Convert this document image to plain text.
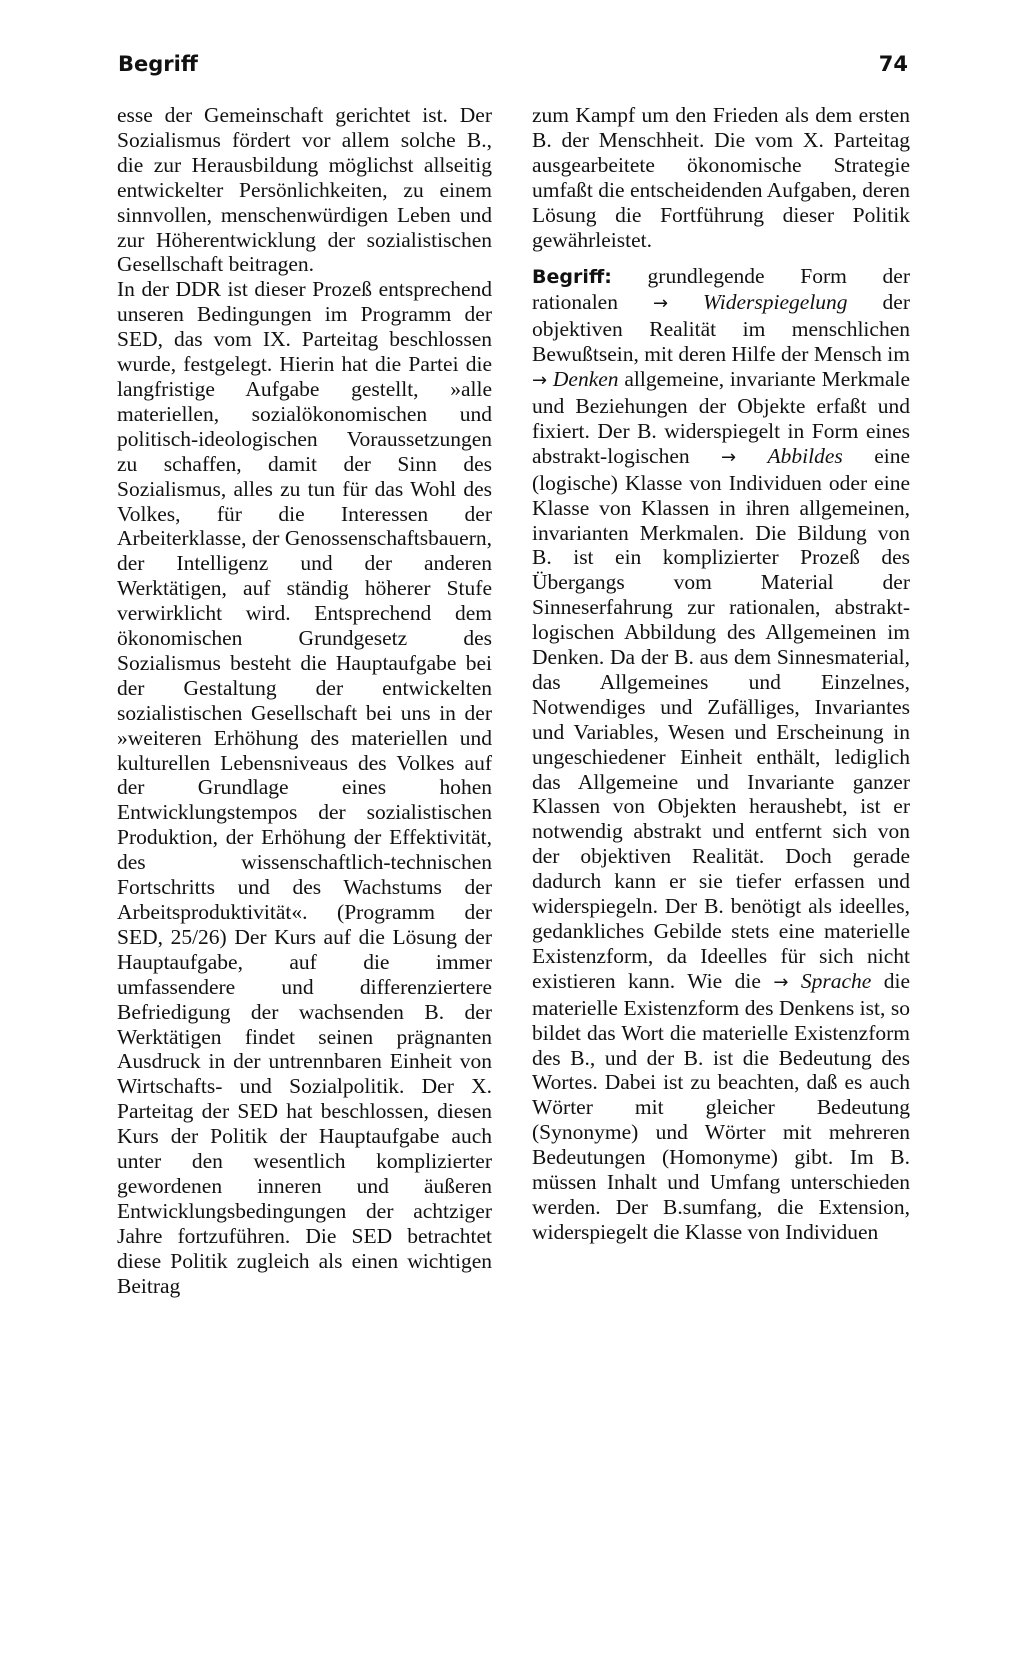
Begriff	74

esse der Gemeinschaft gerichtet ist. Der Sozialismus fördert vor allem solche B., die zur Herausbildung möglichst allseitig entwickelter Persönlichkeiten, zu einem sinnvollen, menschenwürdigen Leben und zur Höherentwicklung der sozialistischen Gesellschaft beitragen.

In der DDR ist dieser Prozeß entsprechend unseren Bedingungen im Programm der SED, das vom IX. Parteitag beschlossen wurde, festgelegt. Hierin hat die Partei die langfristige Aufgabe gestellt, »alle materiellen, sozialökonomischen und politisch-ideologischen Voraussetzungen zu schaffen, damit der Sinn des Sozialismus, alles zu tun für das Wohl des Volkes, für die Interessen der Arbeiterklasse, der Genossenschaftsbauern, der Intelligenz und der anderen Werktätigen, auf ständig höherer Stufe verwirklicht wird. Entsprechend dem ökonomischen Grundgesetz des Sozialismus besteht die Hauptaufgabe bei der Gestaltung der entwickelten sozialistischen Gesellschaft bei uns in der »weiteren Erhöhung des materiellen und kulturellen Lebensniveaus des Volkes auf der Grundlage eines hohen Entwicklungstempos der sozialistischen Produktion, der Erhöhung der Effektivität, des wissenschaftlich-technischen Fortschritts und des Wachstums der Arbeitsproduktivität«. (Programm der SED, 25/26) Der Kurs auf die Lösung der Hauptaufgabe, auf die immer umfassendere und differenziertere Befriedigung der wachsenden B. der Werktätigen findet seinen prägnanten Ausdruck in der untrennbaren Einheit von Wirtschafts- und Sozialpolitik. Der X. Parteitag der SED hat beschlossen, diesen Kurs der Politik der Hauptaufgabe auch unter den wesentlich komplizierter gewordenen inneren und äußeren Entwicklungsbedingungen der achtziger Jahre fortzuführen. Die SED betrachtet diese Politik zugleich als einen wichtigen Beitrag

zum Kampf um den Frieden als dem ersten B. der Menschheit. Die vom X. Parteitag ausgearbeitete ökonomische Strategie umfaßt die entscheidenden Aufgaben, deren Lösung die Fortführung dieser Politik gewährleistet.

Begriff: grundlegende Form der rationalen → Widerspiegelung der objektiven Realität im menschlichen Bewußtsein, mit deren Hilfe der Mensch im → Denken allgemeine, invariante Merkmale und Beziehungen der Objekte erfaßt und fixiert. Der B. widerspiegelt in Form eines abstrakt-logischen → Abbildes eine (logische) Klasse von Individuen oder eine Klasse von Klassen in ihren allgemeinen, invarianten Merkmalen. Die Bildung von B. ist ein komplizierter Prozeß des Übergangs vom Material der Sinneserfahrung zur rationalen, abstrakt-logischen Abbildung des Allgemeinen im Denken. Da der B. aus dem Sinnesmaterial, das Allgemeines und Einzelnes, Notwendiges und Zufälliges, Invariantes und Variables, Wesen und Erscheinung in ungeschiedener Einheit enthält, lediglich das Allgemeine und Invariante ganzer Klassen von Objekten heraushebt, ist er notwendig abstrakt und entfernt sich von der objektiven Realität. Doch gerade dadurch kann er sie tiefer erfassen und widerspiegeln. Der B. benötigt als ideelles, gedankliches Gebilde stets eine materielle Existenzform, da Ideelles für sich nicht existieren kann. Wie die → Sprache die materielle Existenzform des Denkens ist, so bildet das Wort die materielle Existenzform des B., und der B. ist die Bedeutung des Wortes. Dabei ist zu beachten, daß es auch Wörter mit gleicher Bedeutung (Synonyme) und Wörter mit mehreren Bedeutungen (Homonyme) gibt. Im B. müssen Inhalt und Umfang unterschieden werden. Der B.sumfang, die Extension, widerspiegelt die Klasse von Individuen
